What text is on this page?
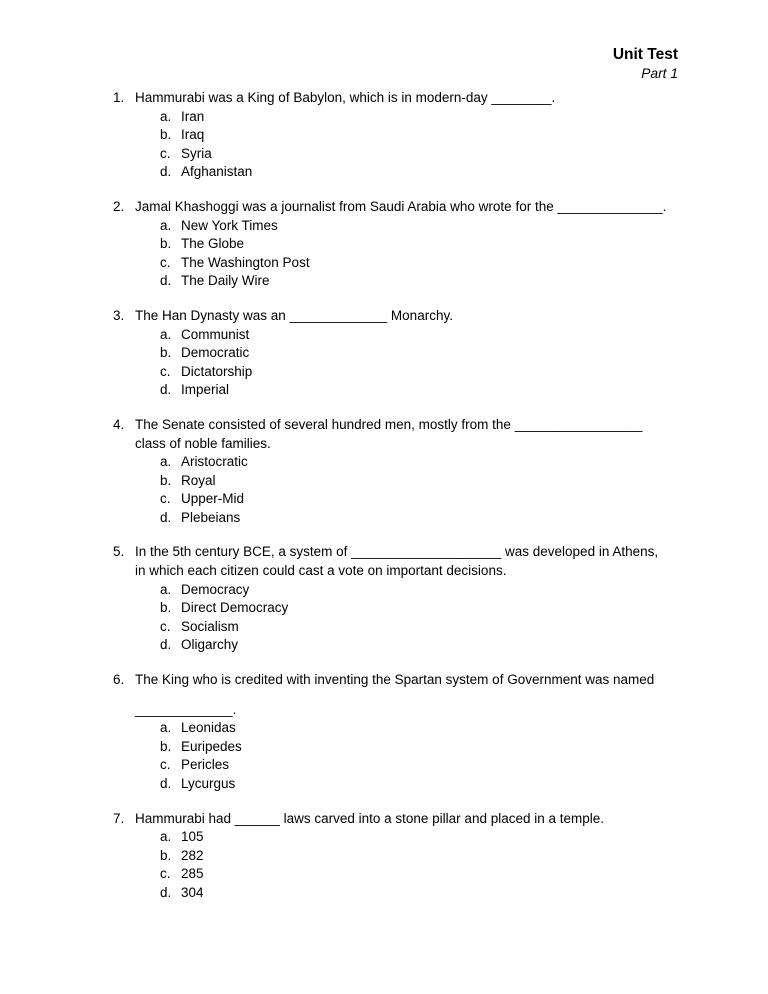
Unit Test
Part 1
1. Hammurabi was a King of Babylon, which is in modern-day ________.
a. Iran
b. Iraq
c. Syria
d. Afghanistan
2. Jamal Khashoggi was a journalist from Saudi Arabia who wrote for the ______________.
a. New York Times
b. The Globe
c. The Washington Post
d. The Daily Wire
3. The Han Dynasty was an _____________ Monarchy.
a. Communist
b. Democratic
c. Dictatorship
d. Imperial
4. The Senate consisted of several hundred men, mostly from the _________________
class of noble families.
a. Aristocratic
b. Royal
c. Upper-Mid
d. Plebeians
5. In the 5th century BCE, a system of ____________________ was developed in Athens,
in which each citizen could cast a vote on important decisions.
a. Democracy
b. Direct Democracy
c. Socialism
d. Oligarchy
6. The King who is credited with inventing the Spartan system of Government was named
_____________.
a. Leonidas
b. Euripedes
c. Pericles
d. Lycurgus
7. Hammurabi had ______ laws carved into a stone pillar and placed in a temple.
a. 105
b. 282
c. 285
d. 304
